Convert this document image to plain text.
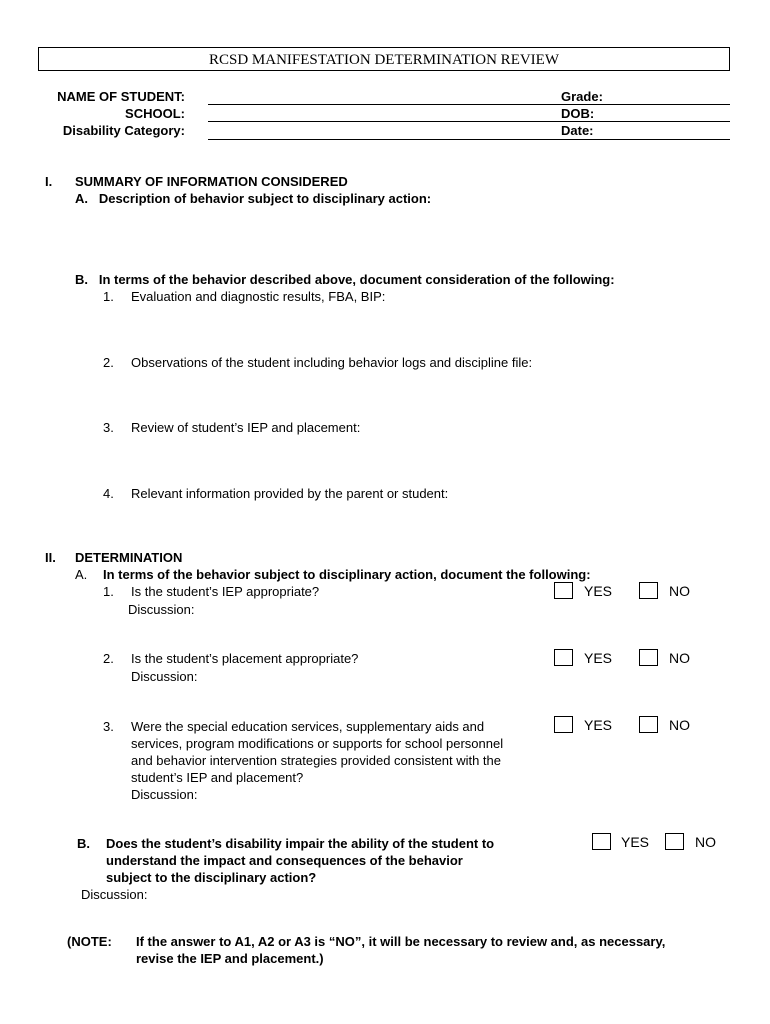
RCSD MANIFESTATION DETERMINATION REVIEW
NAME OF STUDENT:
SCHOOL:
Disability Category:
Grade:
DOB:
Date:
I. SUMMARY OF INFORMATION CONSIDERED
A.   Description of behavior subject to disciplinary action:
B.   In terms of the behavior described above, document consideration of the following:
1. Evaluation and diagnostic results, FBA, BIP:
2. Observations of the student including behavior logs and discipline file:
3. Review of student’s IEP and placement:
4. Relevant information provided by the parent or student:
II. DETERMINATION
A. In terms of the behavior subject to disciplinary action, document the following:
1. Is the student’s IEP appropriate?
Discussion:
YES	NO
2. Is the student’s placement appropriate?
Discussion:
YES	NO
3. Were the special education services, supplementary aids and
services, program modifications or supports for school personnel
and behavior intervention strategies provided consistent with the
student’s IEP and placement?
Discussion:
YES	NO
B. Does the student’s disability impair the ability of the student to
understand the impact and consequences of the behavior
subject to the disciplinary action?
Discussion:
YES	NO
(NOTE: If the answer to A1, A2 or A3 is “NO”, it will be necessary to review and, as necessary,
revise the IEP and placement.)
